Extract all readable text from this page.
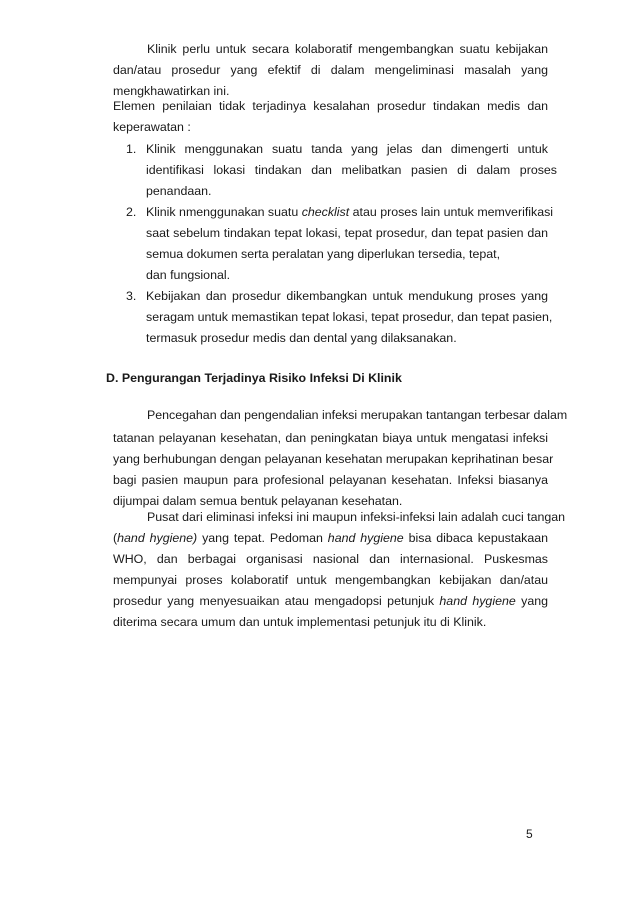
Klinik perlu untuk secara kolaboratif mengembangkan suatu kebijakan
dan/atau prosedur yang efektif di dalam mengeliminasi masalah yang
mengkhawatirkan ini.
Elemen penilaian tidak terjadinya kesalahan prosedur tindakan medis dan
keperawatan :
1. Klinik menggunakan suatu tanda yang jelas dan dimengerti untuk
identifikasi lokasi tindakan dan melibatkan pasien di dalam proses
penandaan.
2. Klinik nmenggunakan suatu checklist atau proses lain untuk memverifikasi
saat sebelum tindakan tepat lokasi, tepat prosedur, dan tepat pasien dan
semua dokumen serta peralatan yang diperlukan tersedia, tepat,
dan fungsional.
3. Kebijakan dan prosedur dikembangkan untuk mendukung proses yang
seragam untuk memastikan tepat lokasi, tepat prosedur, dan tepat pasien,
termasuk prosedur medis dan dental yang dilaksanakan.
D. Pengurangan Terjadinya Risiko Infeksi Di Klinik
Pencegahan dan pengendalian infeksi merupakan tantangan terbesar dalam
tatanan pelayanan kesehatan, dan peningkatan biaya untuk mengatasi infeksi
yang berhubungan dengan pelayanan kesehatan merupakan keprihatinan besar
bagi pasien maupun para profesional pelayanan kesehatan. Infeksi biasanya
dijumpai dalam semua bentuk pelayanan kesehatan.
Pusat dari eliminasi infeksi ini maupun infeksi-infeksi lain adalah cuci tangan
(hand hygiene) yang tepat. Pedoman hand hygiene bisa dibaca kepustakaan
WHO, dan berbagai organisasi nasional dan internasional. Puskesmas
mempunyai proses kolaboratif untuk mengembangkan kebijakan dan/atau
prosedur yang menyesuaikan atau mengadopsi petunjuk hand hygiene yang
diterima secara umum dan untuk implementasi petunjuk itu di Klinik.
5
